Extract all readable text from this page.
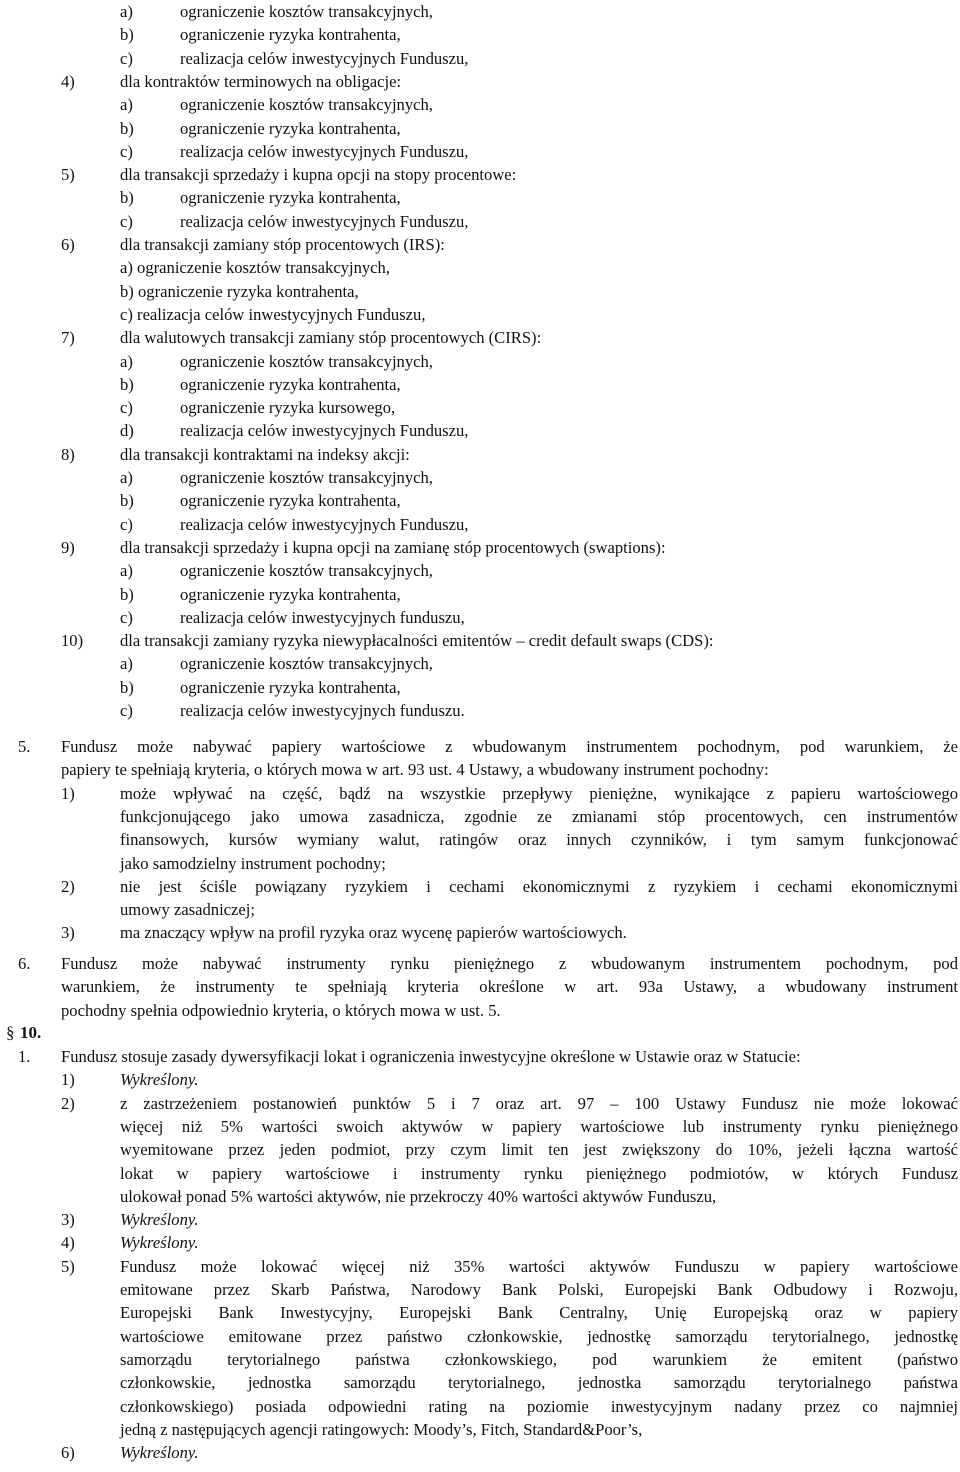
a)	ograniczenie kosztów transakcyjnych,
b)	ograniczenie ryzyka kontrahenta,
c)	realizacja celów inwestycyjnych Funduszu,
4)	dla kontraktów terminowych na obligacje:
a)	ograniczenie kosztów transakcyjnych,
b)	ograniczenie ryzyka kontrahenta,
c)	realizacja celów inwestycyjnych Funduszu,
5)	dla transakcji sprzedaży i kupna opcji na stopy procentowe:
b)	ograniczenie ryzyka kontrahenta,
c)	realizacja celów inwestycyjnych Funduszu,
6)	dla transakcji zamiany stóp procentowych (IRS):
a) ograniczenie kosztów transakcyjnych,
b) ograniczenie ryzyka kontrahenta,
c) realizacja celów inwestycyjnych Funduszu,
7)	dla walutowych transakcji zamiany stóp procentowych (CIRS):
a)	ograniczenie kosztów transakcyjnych,
b)	ograniczenie ryzyka kontrahenta,
c)	ograniczenie ryzyka kursowego,
d)	realizacja celów inwestycyjnych Funduszu,
8)	dla transakcji kontraktami na indeksy akcji:
a)	ograniczenie kosztów transakcyjnych,
b)	ograniczenie ryzyka kontrahenta,
c)	realizacja celów inwestycyjnych Funduszu,
9)	dla transakcji sprzedaży i kupna opcji na zamianę stóp procentowych (swaptions):
a)	ograniczenie kosztów transakcyjnych,
b)	ograniczenie ryzyka kontrahenta,
c)	realizacja celów inwestycyjnych funduszu,
10) dla transakcji zamiany ryzyka niewypłacalności emitentów – credit default swaps (CDS):
a)	ograniczenie kosztów transakcyjnych,
b)	ograniczenie ryzyka kontrahenta,
c)	realizacja celów inwestycyjnych funduszu.
5. Fundusz może nabywać papiery wartościowe z wbudowanym instrumentem pochodnym, pod warunkiem, że
papiery te spełniają kryteria, o których mowa w art. 93 ust. 4 Ustawy, a wbudowany instrument pochodny:
1)	może wpływać na część, bądź na wszystkie przepływy pieniężne, wynikające z papieru wartościowego
funkcjonującego jako umowa zasadnicza, zgodnie ze zmianami stóp procentowych, cen instrumentów
finansowych, kursów wymiany walut, ratingów oraz innych czynników, i tym samym funkcjonować
jako samodzielny instrument pochodny;
2)	nie jest ściśle powiązany ryzykiem i cechami ekonomicznymi z ryzykiem i cechami ekonomicznymi
umowy zasadniczej;
3)	ma znaczący wpływ na profil ryzyka oraz wycenę papierów wartościowych.
6. Fundusz może nabywać instrumenty rynku pieniężnego z wbudowanym instrumentem pochodnym, pod
warunkiem, że instrumenty te spełniają kryteria określone w art. 93a Ustawy, a wbudowany instrument
pochodny spełnia odpowiednio kryteria, o których mowa w ust. 5.
§ 10.
1. Fundusz stosuje zasady dywersyfikacji lokat i ograniczenia inwestycyjne określone w Ustawie oraz w Statucie:
1)	Wykreślony.
2)	z zastrzeżeniem postanowień punktów 5 i 7 oraz art. 97 – 100 Ustawy Fundusz nie może lokować
więcej niż 5% wartości swoich aktywów w papiery wartościowe lub instrumenty rynku pieniężnego
wyemitowane przez jeden podmiot, przy czym limit ten jest zwiększony do 10%, jeżeli łączna wartość
lokat w papiery wartościowe i instrumenty rynku pieniężnego podmiotów, w których Fundusz
ulokował ponad 5% wartości aktywów, nie przekroczy 40% wartości aktywów Funduszu,
3)	Wykreślony.
4)	Wykreślony.
5)	Fundusz może lokować więcej niż 35% wartości aktywów Funduszu w papiery wartościowe
emitowane przez Skarb Państwa, Narodowy Bank Polski, Europejski Bank Odbudowy i Rozwoju,
Europejski Bank Inwestycyjny, Europejski Bank Centralny, Unię Europejską oraz w papiery
wartościowe emitowane przez państwo członkowskie, jednostkę samorządu terytorialnego, jednostkę
samorządu terytorialnego państwa członkowskiego, pod warunkiem że emitent (państwo
członkowskie, jednostka samorządu terytorialnego, jednostka samorządu terytorialnego państwa
członkowskiego) posiada odpowiedni rating na poziomie inwestycyjnym nadany przez co najmniej
jedną z następujących agencji ratingowych: Moody’s, Fitch, Standard&Poor’s,
6)	Wykreślony.
